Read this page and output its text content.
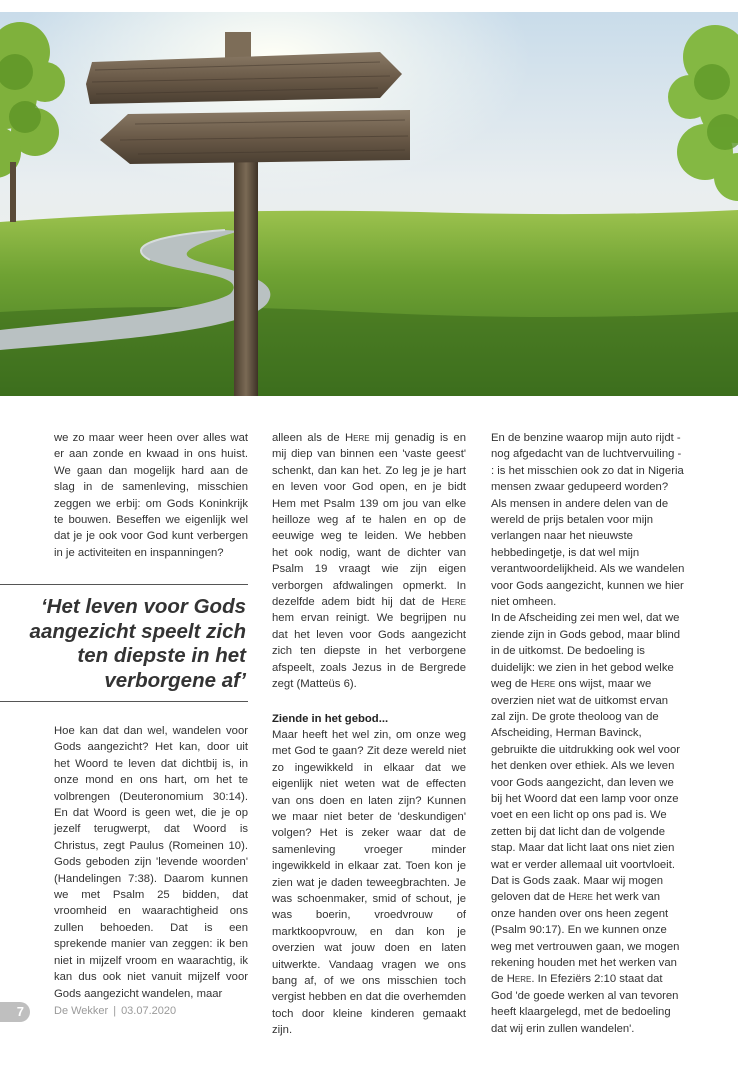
we zo maar weer heen over alles wat er aan zonde en kwaad in ons huist. We gaan dan mogelijk hard aan de slag in de samenleving, misschien zeggen we erbij: om Gods Koninkrijk te bouwen. Beseffen we eigenlijk wel dat je je ook voor God kunt verbergen in je activiteiten en inspanningen?

‘Het leven voor Gods aangezicht speelt zich ten diepste in het verborgene af’

Hoe kan dat dan wel, wandelen voor Gods aangezicht? Het kan, door uit het Woord te leven dat dichtbij is, in onze mond en ons hart, om het te volbrengen (Deuteronomium 30:14). En dat Woord is geen wet, die je op jezelf terugwerpt, dat Woord is Christus, zegt Paulus (Romeinen 10). Gods geboden zijn 'levende woorden' (Handelingen 7:38). Daarom kunnen we met Psalm 25 bidden, dat vroomheid en waarachtigheid ons zullen behoeden. Dat is een sprekende manier van zeggen: ik ben niet in mijzelf vroom en waarachtig, ik kan dus ook niet vanuit mijzelf voor Gods aangezicht wandelen, maar

alleen als de Here mij genadig is en mij diep van binnen een 'vaste geest' schenkt, dan kan het. Zo leg je je hart en leven voor God open, en je bidt Hem met Psalm 139 om jou van elke heilloze weg af te halen en op de eeuwige weg te leiden. We hebben het ook nodig, want de dichter van Psalm 19 vraagt wie zijn eigen verborgen afdwalingen opmerkt. In dezelfde adem bidt hij dat de Here hem ervan reinigt. We begrijpen nu dat het leven voor Gods aangezicht zich ten diepste in het verborgene afspeelt, zoals Jezus in de Bergrede zegt (Matteüs 6).

Ziende in het gebod...

Maar heeft het wel zin, om onze weg met God te gaan? Zit deze wereld niet zo ingewikkeld in elkaar dat we eigenlijk niet weten wat de effecten van ons doen en laten zijn? Kunnen we maar niet beter de 'deskundigen' volgen? Het is zeker waar dat de samenleving vroeger minder ingewikkeld in elkaar zat. Toen kon je zien wat je daden teweegbrachten. Je was schoenmaker, smid of schout, je was boerin, vroedvrouw of marktkoopvrouw, en dan kon je overzien wat jouw doen en laten uitwerkte. Vandaag vragen we ons bang af, of we ons misschien toch vergist hebben en dat die overhemden toch door kleine kinderen gemaakt zijn.

En de benzine waarop mijn auto rijdt - nog afgedacht van de luchtvervuiling - : is het misschien ook zo dat in Nigeria mensen zwaar gedupeerd worden? Als mensen in andere delen van de wereld de prijs betalen voor mijn verlangen naar het nieuwste hebbedingetje, is dat wel mijn verantwoordelijkheid. Als we wandelen voor Gods aangezicht, kunnen we hier niet omheen.

In de Afscheiding zei men wel, dat we ziende zijn in Gods gebod, maar blind in de uitkomst. De bedoeling is duidelijk: we zien in het gebod welke weg de Here ons wijst, maar we overzien niet wat de uitkomst ervan zal zijn. De grote theoloog van de Afscheiding, Herman Bavinck, gebruikte die uitdrukking ook wel voor het denken over ethiek. Als we leven voor Gods aangezicht, dan leven we bij het Woord dat een lamp voor onze voet en een licht op ons pad is. We zetten bij dat licht dan de volgende stap. Maar dat licht laat ons niet zien wat er verder allemaal uit voortvloeit. Dat is Gods zaak. Maar wij mogen geloven dat de Here het werk van onze handen over ons heen zegent (Psalm 90:17). En we kunnen onze weg met vertrouwen gaan, we mogen rekening houden met het werken van de Here. In Efeziërs 2:10 staat dat God 'de goede werken al van tevoren heeft klaargelegd, met de bedoeling dat wij erin zullen wandelen'.

7	De Wekker | 03.07.2020
